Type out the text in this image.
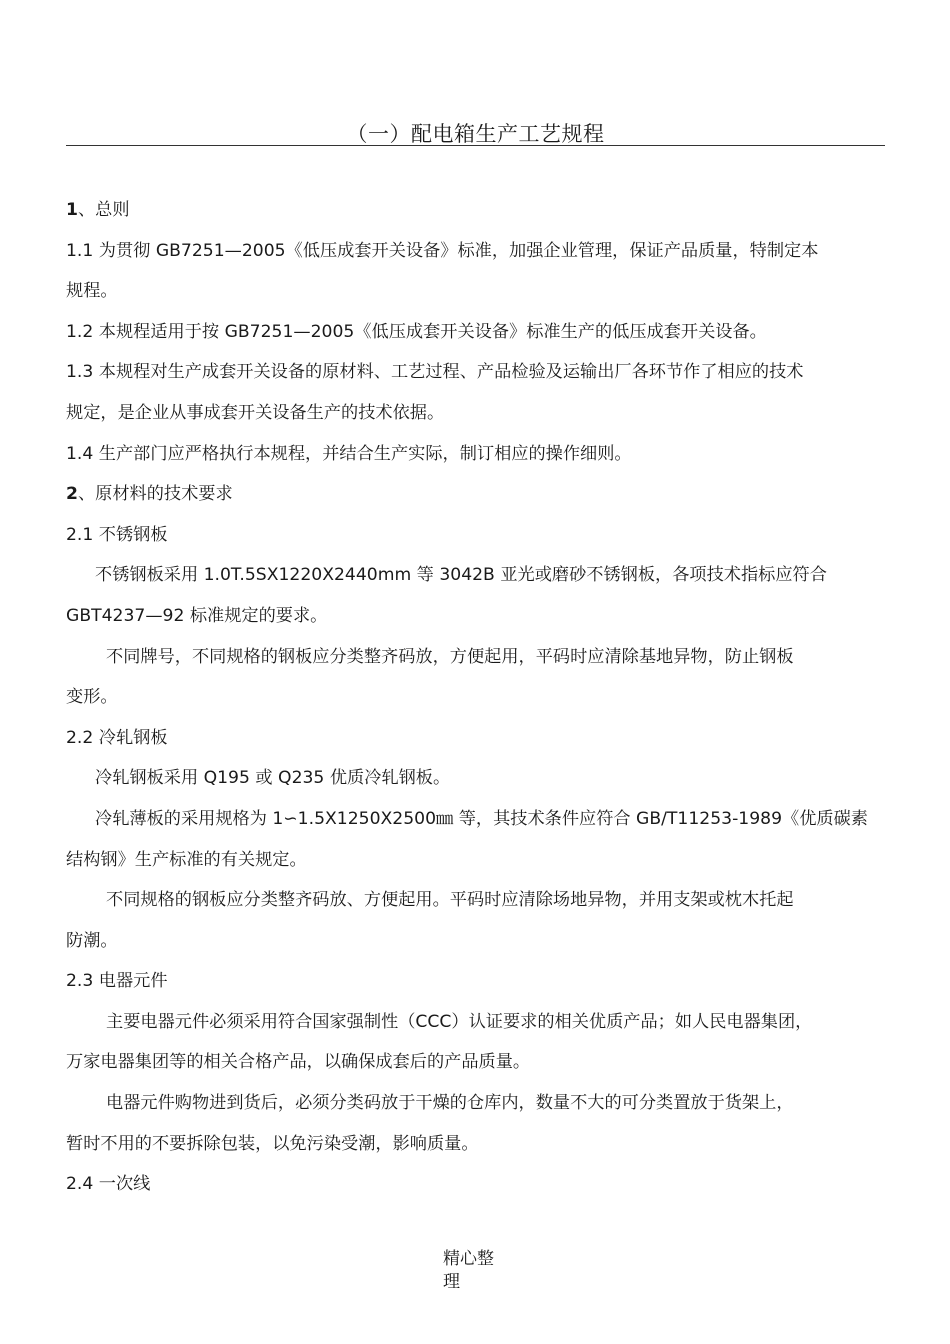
（一）配电箱生产工艺规程

1、总则

1.1 为贯彻 GB7251—2005《低压成套开关设备》标准，加强企业管理，保证产品质量，特制定本

规程。

1.2 本规程适用于按 GB7251—2005《低压成套开关设备》标准生产的低压成套开关设备。

1.3 本规程对生产成套开关设备的原材料、工艺过程、产品检验及运输出厂各环节作了相应的技术

规定，是企业从事成套开关设备生产的技术依据。

1.4 生产部门应严格执行本规程，并结合生产实际，制订相应的操作细则。

2、原材料的技术要求

2.1 不锈钢板

不锈钢板采用 1.0T.5SX1220X2440mm 等 3042B 亚光或磨砂不锈钢板，各项技术指标应符合

GBT4237—92 标准规定的要求。

不同牌号，不同规格的钢板应分类整齐码放，方便起用，平码时应清除基地异物，防止钢板

变形。

2.2 冷轧钢板

冷轧钢板采用 Q195 或 Q235 优质冷轧钢板。

冷轧薄板的采用规格为 1∽1.5X1250X2500㎜ 等，其技术条件应符合 GB/T11253-1989《优质碳素

结构钢》生产标准的有关规定。

不同规格的钢板应分类整齐码放、方便起用。平码时应清除场地异物，并用支架或枕木托起

防潮。

2.3 电器元件

主要电器元件必须采用符合国家强制性（CCC）认证要求的相关优质产品；如人民电器集团，

万家电器集团等的相关合格产品，以确保成套后的产品质量。

电器元件购物进到货后，必须分类码放于干燥的仓库内，数量不大的可分类置放于货架上，

暂时不用的不要拆除包装，以免污染受潮，影响质量。

2.4 一次线

精心整
理
